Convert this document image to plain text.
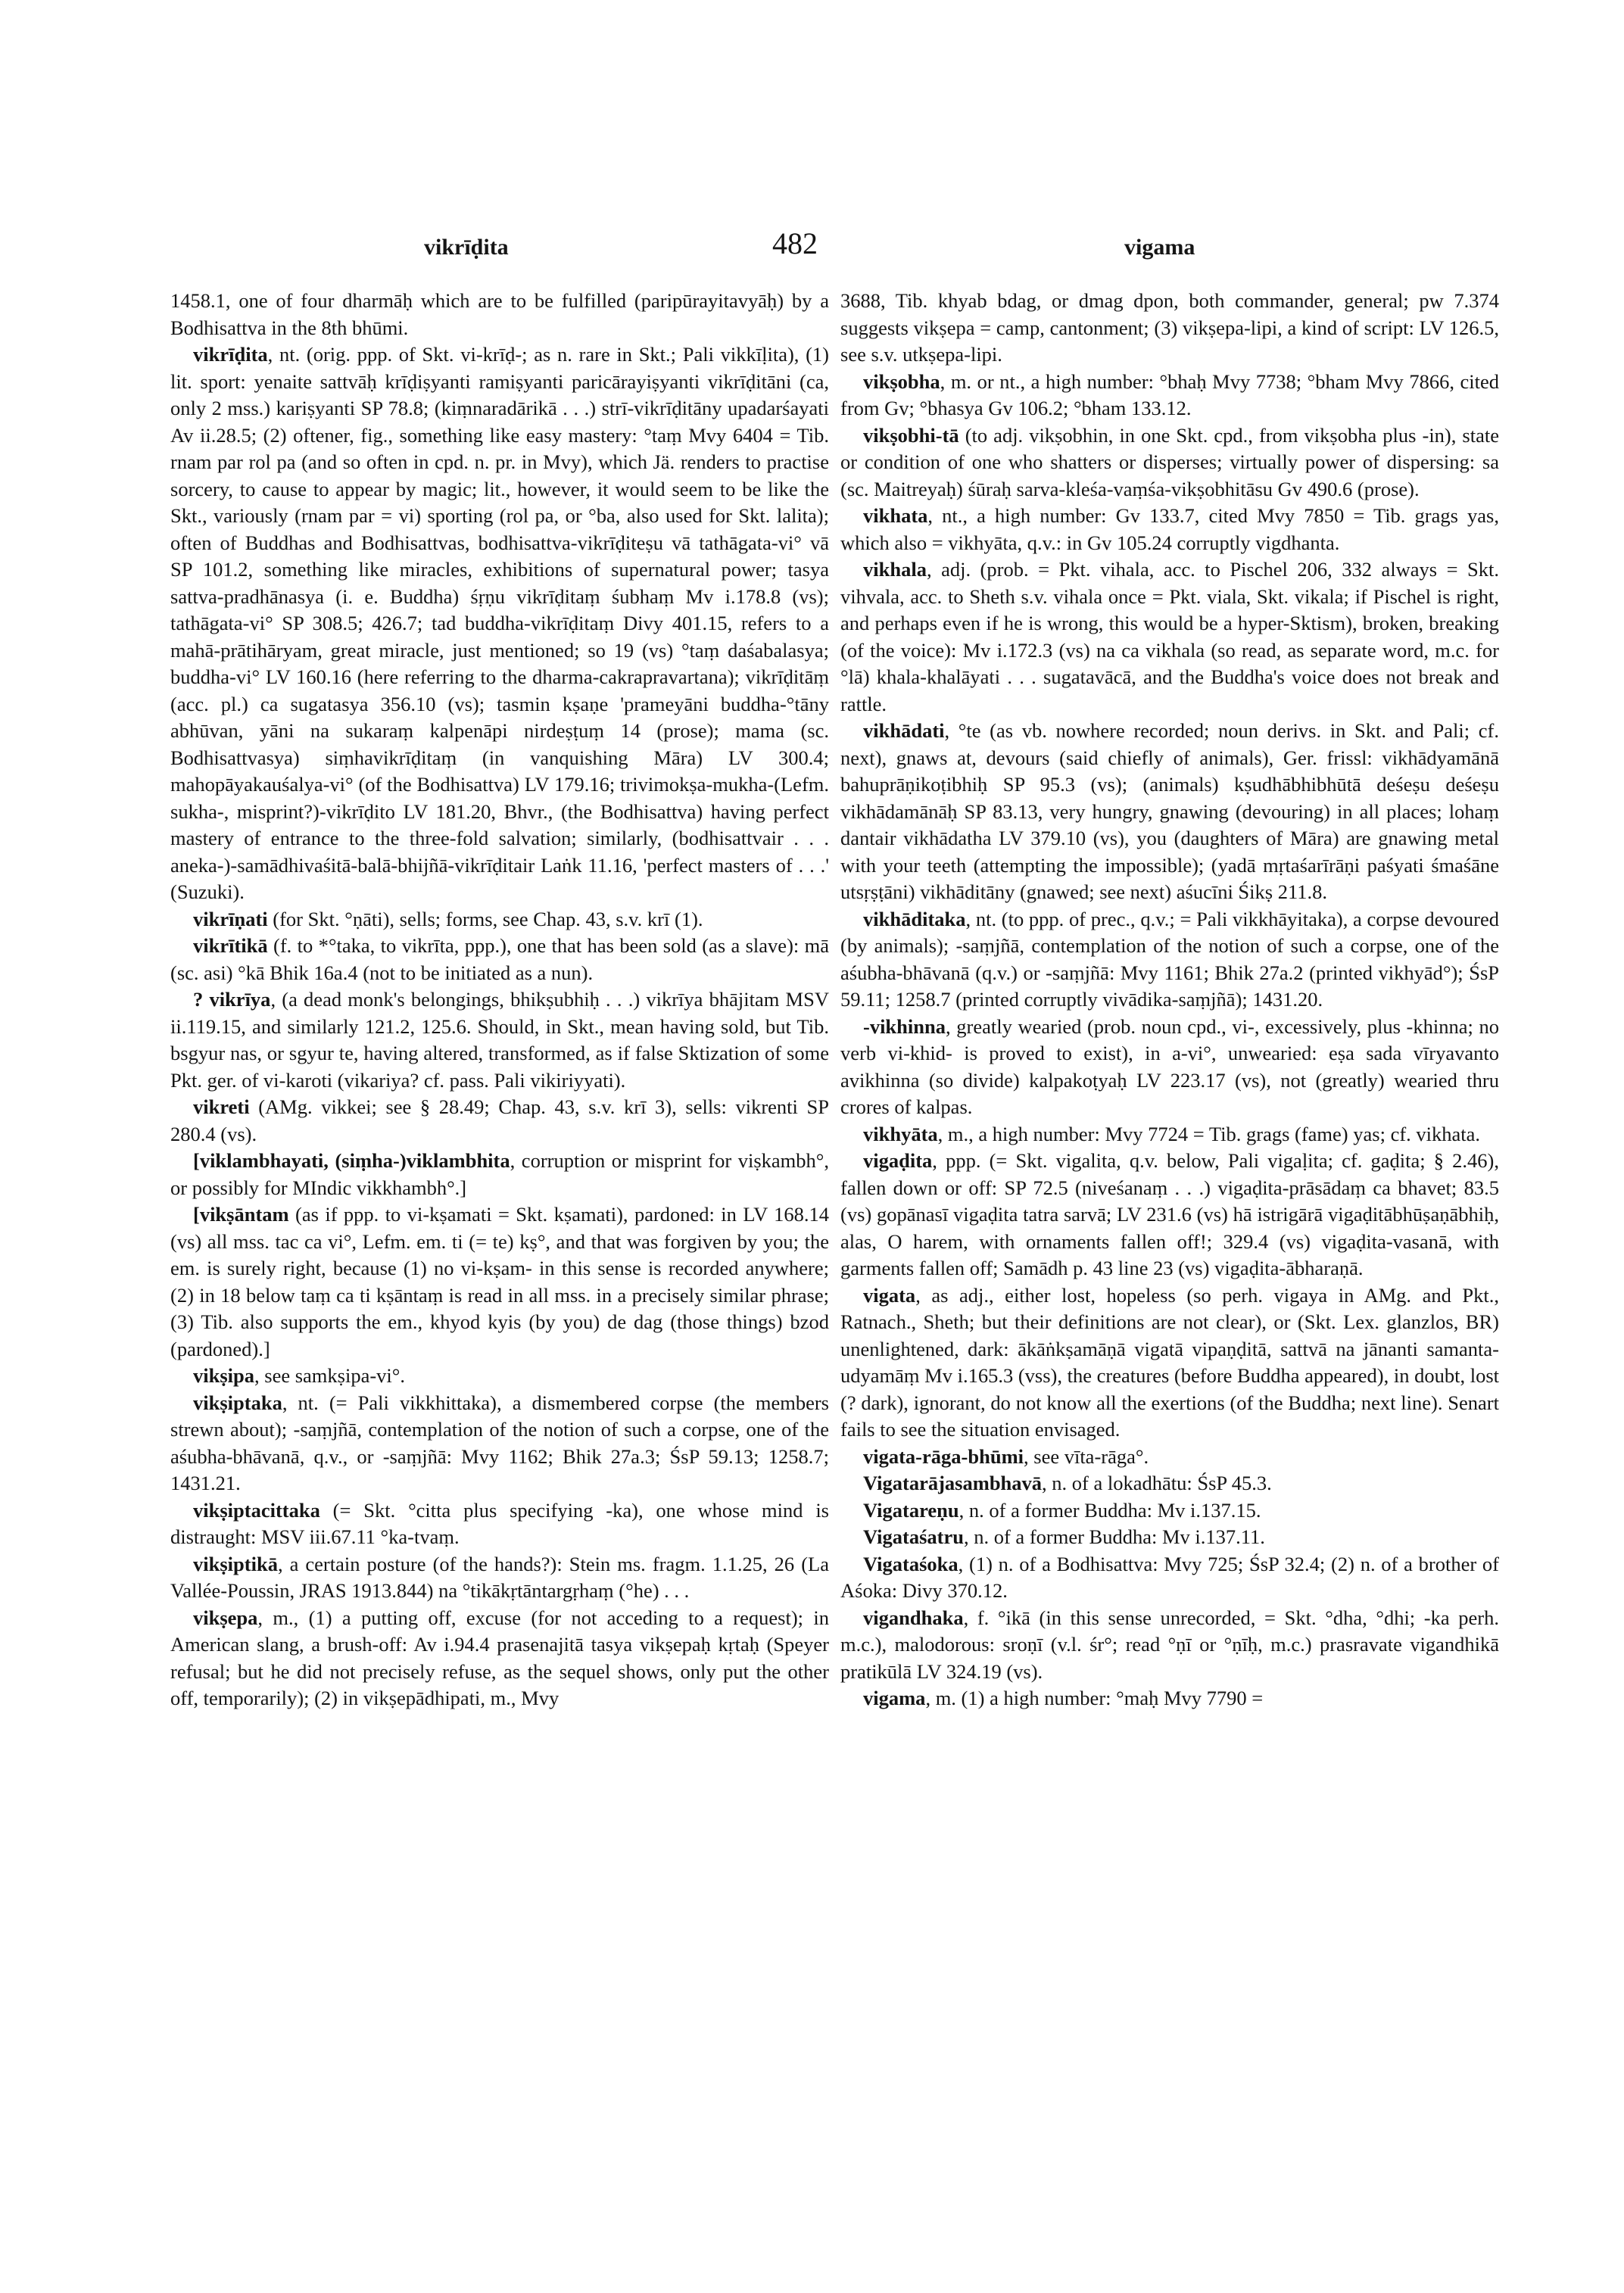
vikrīḍita	482	vigama

1458.1, one of four dharmāḥ which are to be fulfilled (paripūrayitavyāḥ) by a Bodhisattva in the 8th bhūmi.

vikrīḍita, nt. (orig. ppp. of Skt. vi-krīḍ-; as n. rare in Skt.; Pali vikkīḷita), (1) lit. sport: yenaite sattvāḥ krīḍiṣyanti ramiṣyanti paricārayiṣyanti vikrīḍitāni (ca, only 2 mss.) kariṣyanti SP 78.8; (kiṃnaradārikā . . .) strī-vikrīḍitāny upadarśayati Av ii.28.5; (2) oftener, fig., something like easy mastery: °taṃ Mvy 6404 = Tib. rnam par rol pa (and so often in cpd. n. pr. in Mvy), which Jä. renders to practise sorcery, to cause to appear by magic; lit., however, it would seem to be like the Skt., variously (rnam par = vi) sporting (rol pa, or °ba, also used for Skt. lalita); often of Buddhas and Bodhisattvas, bodhisattva-vikrīḍiteṣu vā tathāgata-vi° vā SP 101.2, something like miracles, exhibitions of supernatural power; tasya sattva-pradhānasya (i. e. Buddha) śṛṇu vikrīḍitaṃ śubhaṃ Mv i.178.8 (vs); tathāgata-vi° SP 308.5; 426.7; tad buddha-vikrīḍitaṃ Divy 401.15, refers to a mahā-prātihāryam, great miracle, just mentioned; so 19 (vs) °taṃ daśabalasya; buddha-vi° LV 160.16 (here referring to the dharma-cakrapravartana); vikrīḍitāṃ (acc. pl.) ca sugatasya 356.10 (vs); tasmin kṣaṇe 'prameyāni buddha-°tāny abhūvan, yāni na sukaraṃ kalpenāpi nirdeṣṭuṃ 14 (prose); mama (sc. Bodhisattvasya) siṃhavikrīḍitaṃ (in vanquishing Māra) LV 300.4; mahopāyakauśalya-vi° (of the Bodhisattva) LV 179.16; trivimokṣa-mukha-(Lefm. sukha-, misprint?)-vikrīḍito LV 181.20, Bhvr., (the Bodhisattva) having perfect mastery of entrance to the three-fold salvation; similarly, (bodhisattvair . . . aneka-)-samādhivaśitā-balā-bhijñā-vikrīḍitair Laṅk 11.16, 'perfect masters of . . .' (Suzuki).

vikrīṇati (for Skt. °ṇāti), sells; forms, see Chap. 43, s.v. krī (1).

vikrītikā (f. to *°taka, to vikrīta, ppp.), one that has been sold (as a slave): mā (sc. asi) °kā Bhik 16a.4 (not to be initiated as a nun).

? vikrīya, (a dead monk's belongings, bhikṣubhiḥ . . .) vikrīya bhājitam MSV ii.119.15, and similarly 121.2, 125.6. Should, in Skt., mean having sold, but Tib. bsgyur nas, or sgyur te, having altered, transformed, as if false Sktization of some Pkt. ger. of vi-karoti (vikariya? cf. pass. Pali vikiriyyati).

vikreti (AMg. vikkei; see § 28.49; Chap. 43, s.v. krī 3), sells: vikrenti SP 280.4 (vs).

[viklambhayati, (siṃha-)viklambhita, corruption or misprint for viṣkambh°, or possibly for MIndic vikkhambh°.]

[vikṣāntam (as if ppp. to vi-kṣamati = Skt. kṣamati), pardoned: in LV 168.14 (vs) all mss. tac ca vi°, Lefm. em. ti (= te) kṣ°, and that was forgiven by you; the em. is surely right, because (1) no vi-kṣam- in this sense is recorded anywhere; (2) in 18 below taṃ ca ti kṣāntaṃ is read in all mss. in a precisely similar phrase; (3) Tib. also supports the em., khyod kyis (by you) de dag (those things) bzod (pardoned).]

vikṣipa, see samkṣipa-vi°.

vikṣiptaka, nt. (= Pali vikkhittaka), a dismembered corpse (the members strewn about); -saṃjñā, contemplation of the notion of such a corpse, one of the aśubha-bhāvanā, q.v., or -saṃjñā: Mvy 1162; Bhik 27a.3; ŚsP 59.13; 1258.7; 1431.21.

vikṣiptacittaka (= Skt. °citta plus specifying -ka), one whose mind is distraught: MSV iii.67.11 °ka-tvaṃ.

vikṣiptikā, a certain posture (of the hands?): Stein ms. fragm. 1.1.25, 26 (La Vallée-Poussin, JRAS 1913.844) na °tikākṛtāntargṛhaṃ (°he) . . .

vikṣepa, m., (1) a putting off, excuse (for not acceding to a request); in American slang, a brush-off: Av i.94.4 prasenajitā tasya vikṣepaḥ kṛtaḥ (Speyer refusal; but he did not precisely refuse, as the sequel shows, only put the other off, temporarily); (2) in vikṣepādhipati, m., Mvy

3688, Tib. khyab bdag, or dmag dpon, both commander, general; pw 7.374 suggests vikṣepa = camp, cantonment; (3) vikṣepa-lipi, a kind of script: LV 126.5, see s.v. utkṣepa-lipi.

vikṣobha, m. or nt., a high number: °bhaḥ Mvy 7738; °bham Mvy 7866, cited from Gv; °bhasya Gv 106.2; °bham 133.12.

vikṣobhi-tā (to adj. vikṣobhin, in one Skt. cpd., from vikṣobha plus -in), state or condition of one who shatters or disperses; virtually power of dispersing: sa (sc. Maitreyaḥ) śūraḥ sarva-kleśa-vaṃśa-vikṣobhitāsu Gv 490.6 (prose).

vikhata, nt., a high number: Gv 133.7, cited Mvy 7850 = Tib. grags yas, which also = vikhyāta, q.v.: in Gv 105.24 corruptly vigdhanta.

vikhala, adj. (prob. = Pkt. vihala, acc. to Pischel 206, 332 always = Skt. vihvala, acc. to Sheth s.v. vihala once = Pkt. viala, Skt. vikala; if Pischel is right, and perhaps even if he is wrong, this would be a hyper-Sktism), broken, breaking (of the voice): Mv i.172.3 (vs) na ca vikhala (so read, as separate word, m.c. for °lā) khala-khalāyati . . . sugatavācā, and the Buddha's voice does not break and rattle.

vikhādati, °te (as vb. nowhere recorded; noun derivs. in Skt. and Pali; cf. next), gnaws at, devours (said chiefly of animals), Ger. frissl: vikhādyamānā bahuprāṇikoṭibhiḥ SP 95.3 (vs); (animals) kṣudhābhibhūtā deśeṣu deśeṣu vikhādamānāḥ SP 83.13, very hungry, gnawing (devouring) in all places; lohaṃ dantair vikhādatha LV 379.10 (vs), you (daughters of Māra) are gnawing metal with your teeth (attempting the impossible); (yadā mṛtaśarīrāṇi paśyati śmaśāne utsṛṣṭāni) vikhāditāny (gnawed; see next) aśucīni Śikṣ 211.8.

vikhāditaka, nt. (to ppp. of prec., q.v.; = Pali vikkhāyitaka), a corpse devoured (by animals); -saṃjñā, contemplation of the notion of such a corpse, one of the aśubha-bhāvanā (q.v.) or -saṃjñā: Mvy 1161; Bhik 27a.2 (printed vikhyād°); ŚsP 59.11; 1258.7 (printed corruptly vivādika-saṃjñā); 1431.20.

-vikhinna, greatly wearied (prob. noun cpd., vi-, excessively, plus -khinna; no verb vi-khid- is proved to exist), in a-vi°, unwearied: eṣa sada vīryavanto avikhinna (so divide) kalpakoṭyaḥ LV 223.17 (vs), not (greatly) wearied thru crores of kalpas.

vikhyāta, m., a high number: Mvy 7724 = Tib. grags (fame) yas; cf. vikhata.

vigaḍita, ppp. (= Skt. vigalita, q.v. below, Pali vigaḷita; cf. gaḍita; § 2.46), fallen down or off: SP 72.5 (niveśanaṃ . . .) vigaḍita-prāsādaṃ ca bhavet; 83.5 (vs) gopānasī vigaḍita tatra sarvā; LV 231.6 (vs) hā istrigārā vigaḍitābhūṣaṇābhiḥ, alas, O harem, with ornaments fallen off!; 329.4 (vs) vigaḍita-vasanā, with garments fallen off; Samādh p. 43 line 23 (vs) vigaḍita-ābharaṇā.

vigata, as adj., either lost, hopeless (so perh. vigaya in AMg. and Pkt., Ratnach., Sheth; but their definitions are not clear), or (Skt. Lex. glanzlos, BR) unenlightened, dark: ākāṅkṣamāṇā vigatā vipaṇḍitā, sattvā na jānanti samanta-udyamāṃ Mv i.165.3 (vss), the creatures (before Buddha appeared), in doubt, lost (? dark), ignorant, do not know all the exertions (of the Buddha; next line). Senart fails to see the situation envisaged.

vigata-rāga-bhūmi, see vīta-rāga°.

Vigatarājasambhavā, n. of a lokadhātu: ŚsP 45.3.

Vigatareṇu, n. of a former Buddha: Mv i.137.15.

Vigataśatru, n. of a former Buddha: Mv i.137.11.

Vigataśoka, (1) n. of a Bodhisattva: Mvy 725; ŚsP 32.4; (2) n. of a brother of Aśoka: Divy 370.12.

vigandhaka, f. °ikā (in this sense unrecorded, = Skt. °dha, °dhi; -ka perh. m.c.), malodorous: sroṇī (v.l. śr°; read °ṇī or °ṇīḥ, m.c.) prasravate vigandhikā pratikūlā LV 324.19 (vs).

vigama, m. (1) a high number: °maḥ Mvy 7790 =
